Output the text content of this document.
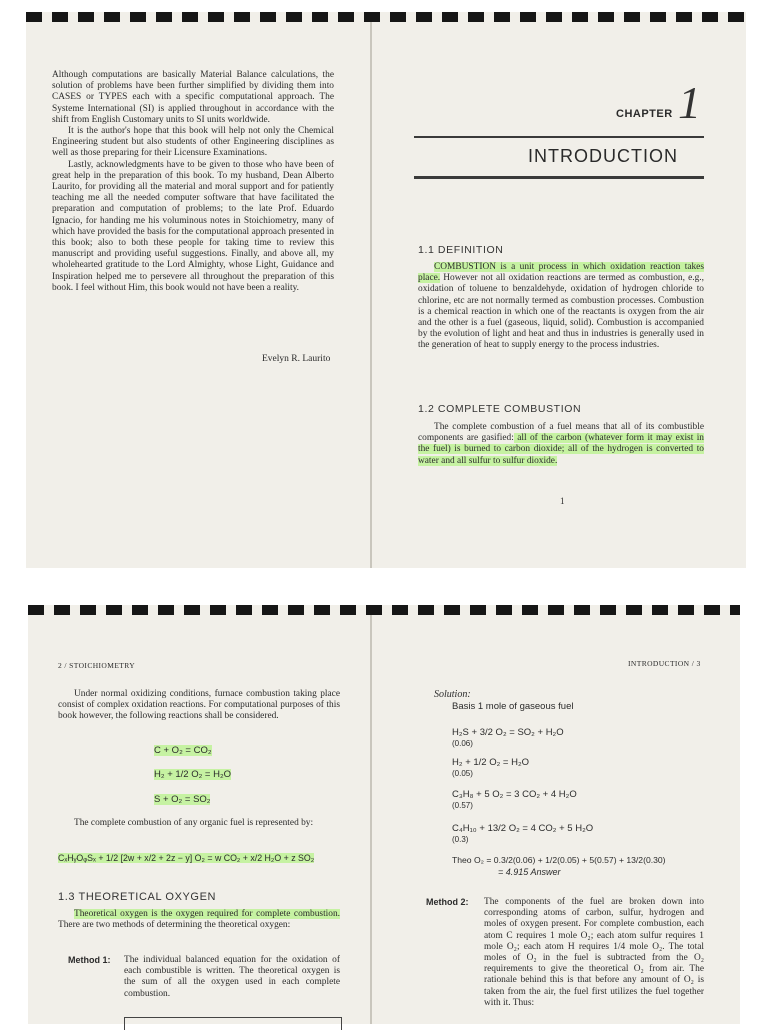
Although computations are basically Material Balance calculations, the solution of problems have been further simplified by dividing them into CASES or TYPES each with a specific computational approach. The Systeme International (SI) is applied throughout in accordance with the shift from English Customary units to SI units worldwide.

It is the author's hope that this book will help not only the Chemical Engineering student but also students of other Engineering disciplines as well as those preparing for their Licensure Examinations.

Lastly, acknowledgments have to be given to those who have been of great help in the preparation of this book. To my husband, Dean Alberto Laurito, for providing all the material and moral support and for patiently teaching me all the needed computer software that have facilitated the preparation and computation of problems; to the late Prof. Eduardo Ignacio, for handing me his voluminous notes in Stoichiometry, many of which have provided the basis for the computational approach presented in this book; also to both these people for taking time to review this manuscript and providing useful suggestions. Finally, and above all, my wholehearted gratitude to the Lord Almighty, whose Light, Guidance and Inspiration helped me to persevere all throughout the preparation of this book. I feel without Him, this book would not have been a reality.

Evelyn R. Laurito
CHAPTER 1
INTRODUCTION
1.1 DEFINITION

COMBUSTION is a unit process in which oxidation reaction takes place. However not all oxidation reactions are termed as combustion, e.g., oxidation of toluene to benzaldehyde, oxidation of hydrogen chloride to chlorine, etc are not normally termed as combustion processes. Combustion is a chemical reaction in which one of the reactants is oxygen from the air and the other is a fuel (gaseous, liquid, solid). Combustion is accompanied by the evolution of light and heat and thus in industries is generally used in the generation of heat to supply energy to the process industries.

1.2 COMPLETE COMBUSTION

The complete combustion of a fuel means that all of its combustible components are gasified: all of the carbon (whatever form it may exist in the fuel) is burned to carbon dioxide; all of the hydrogen is converted to water and all sulfur to sulfur dioxide.

1
2 / STOICHIOMETRY

Under normal oxidizing conditions, furnace combustion taking place consist of complex oxidation reactions. For computational purposes of this book however, the following reactions shall be considered.

C + O₂ = CO₂
H₂ + 1/2 O₂ = H₂O
S + O₂ = SO₂

The complete combustion of any organic fuel is represented by:

CₓHᵧOᵩSₓ + 1/2 [2w + x/2 + 2z − y] O₂ = w CO₂ + x/2 H₂O + z SO₂
1.3 THEORETICAL OXYGEN

Theoretical oxygen is the oxygen required for complete combustion. There are two methods of determining the theoretical oxygen:

Method 1: The individual balanced equation for the oxidation of each combustible is written. The theoretical oxygen is the sum of all the oxygen used in each complete combustion.

INTRODUCTION / 3
Solution:
Basis 1 mole of gaseous fuel
H₂S + 3/2 O₂ = SO₂ + H₂O
(0.06)
H₂ + 1/2 O₂ = H₂O
(0.05)
C₃H₈ + 5 O₂ = 3 CO₂ + 4 H₂O
(0.57)
C₄H₁₀ + 13/2 O₂ = 4 CO₂ + 5 H₂O
(0.3)
Theo O₂ = 0.3/2(0.06) + 1/2(0.05) + 5(0.57) + 13/2(0.30)
= 4.915 Answer
Method 2: The components of the fuel are broken down into corresponding atoms of carbon, sulfur, hydrogen and moles of oxygen present. For complete combustion, each atom C requires 1 mole O₂; each atom sulfur requires 1 mole O₂; each atom H requires 1/4 mole O₂. The total moles of O₂ in the fuel is subtracted from the O₂ requirements to give the theoretical O₂ from air. The rationale behind this is that before any amount of O₂ is taken from the air, the fuel first utilizes the fuel together with it. Thus:
